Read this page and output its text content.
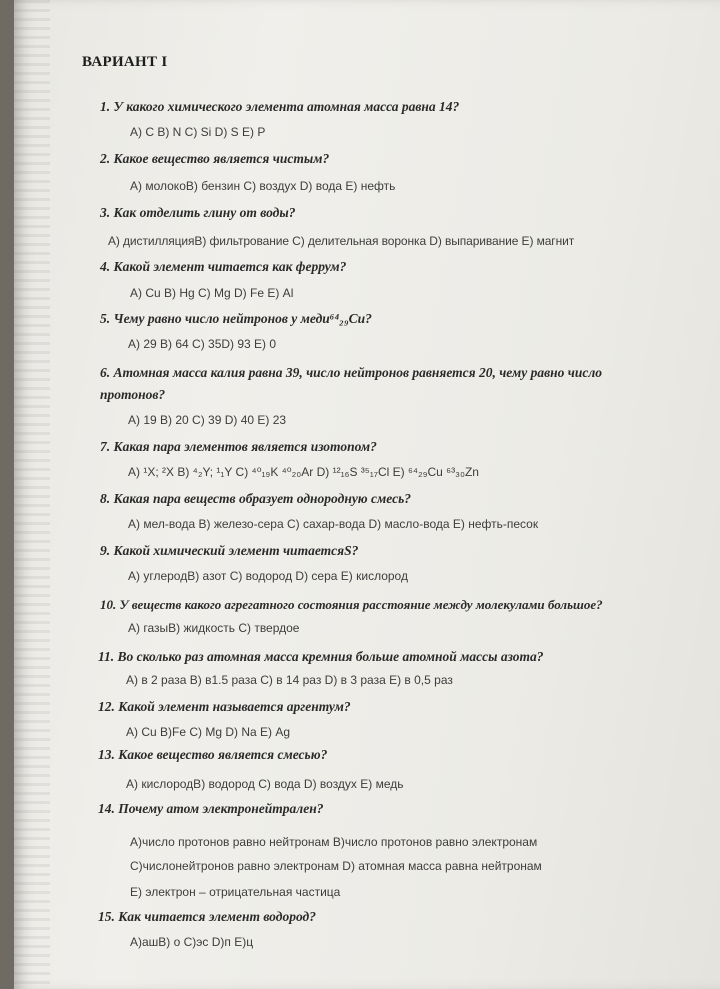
ВАРИАНТ I

1. У какого химического элемента атомная масса равна 14?

А) С В) N С) Si D) S Е) Р

2. Какое вещество является чистым?

А) молокоВ) бензин С) воздух D) вода Е) нефть

3. Как отделить глину от воды?

А) дистилляцияВ) фильтрование С) делительная воронка D) выпаривание Е) магнит

4. Какой элемент читается как феррум?

А) Cu В) Hg С) Mg D) Fe Е) Al

5. Чему равно число нейтронов у меди⁶⁴₂₉Cu?

А) 29 В) 64 С) 35D) 93 Е) 0

6. Атомная масса калия равна 39, число нейтронов равняется 20, чему равно число протонов?

А) 19 В) 20 С) 39 D) 40 Е) 23

7. Какая пара элементов является изотопом?

А) ¹X; ²X В) ⁴₂Y; ¹₁Y С) ⁴⁰₁₉K ⁴⁰₂₀Ar D) ¹²₁₆S ³⁵₁₇Cl Е) ⁶⁴₂₉Cu ⁶³₃₀Zn

8. Какая пара веществ образует однородную смесь?

А) мел-вода В) железо-сера С) сахар-вода D) масло-вода Е) нефть-песок

9. Какой химический элемент читаетсяS?

А) углеродВ) азот С) водород D) сера Е) кислород

10. У веществ какого агрегатного состояния расстояние между молекулами большое?

А) газыВ) жидкость С) твердое

11. Во сколько раз атомная масса кремния больше атомной массы азота?

А) в 2 раза В) в1.5 раза С) в 14 раз D) в 3 раза Е) в 0,5 раз

12. Какой элемент называется аргентум?

А) Cu В)Fe С) Mg D) Na Е) Ag

13. Какое вещество является смесью?

А) кислородВ) водород С) вода D) воздух Е) медь

14. Почему атом электронейтрален?

А)число протонов равно нейтронам В)число протонов равно электронам

С)числонейтронов равно электронам D) атомная масса равна нейтронам

Е) электрон – отрицательная частица

15. Как читается элемент водород?

А)ашВ) о С)эс D)п Е)ц
